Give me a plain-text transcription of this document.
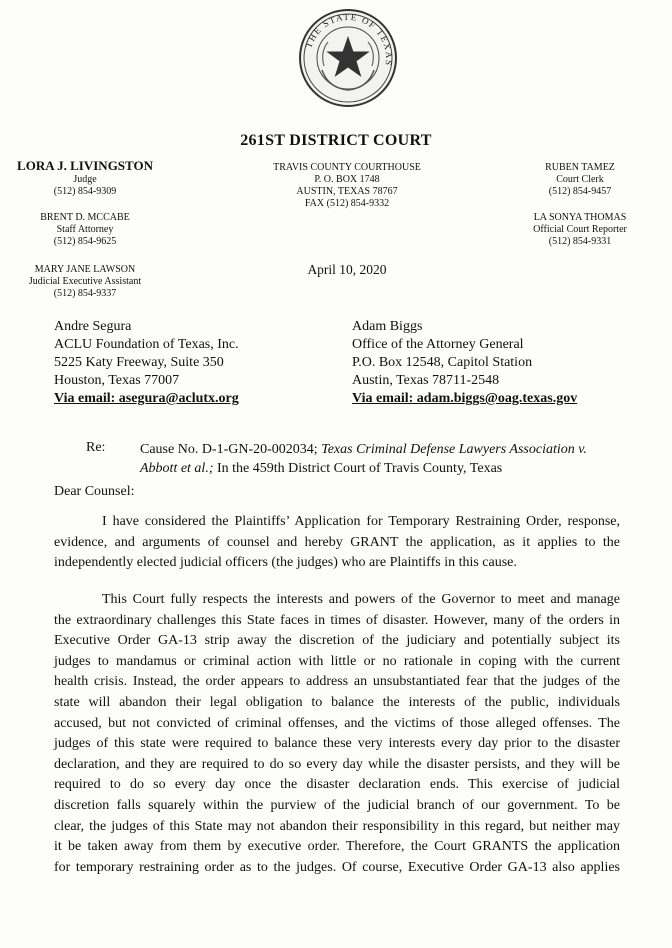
THE STATE OF TEXAS
261ST DISTRICT COURT
LORA J. LIVINGSTON
Judge
(512) 854-9309
BRENT D. MCCABE
Staff Attorney
(512) 854-9625
MARY JANE LAWSON
Judicial Executive Assistant
(512) 854-9337
TRAVIS COUNTY COURTHOUSE
P. O. BOX 1748
AUSTIN, TEXAS 78767
FAX (512) 854-9332
RUBEN TAMEZ
Court Clerk
(512) 854-9457
LA SONYA THOMAS
Official Court Reporter
(512) 854-9331
April 10, 2020
Andre Segura
ACLU Foundation of Texas, Inc.
5225 Katy Freeway, Suite 350
Houston, Texas 77007
Via email: asegura@aclutx.org
Adam Biggs
Office of the Attorney General
P.O. Box 12548, Capitol Station
Austin, Texas 78711-2548
Via email: adam.biggs@oag.texas.gov
Re: Cause No. D-1-GN-20-002034; Texas Criminal Defense Lawyers Association v.
Abbott et al.; In the 459th District Court of Travis County, Texas
Dear Counsel:
I have considered the Plaintiffs’ Application for Temporary Restraining Order, response,
evidence, and arguments of counsel and hereby GRANT the application, as it applies to the
independently elected judicial officers (the judges) who are Plaintiffs in this cause.
This Court fully respects the interests and powers of the Governor to meet and manage
the extraordinary challenges this State faces in times of disaster. However, many of the orders in
Executive Order GA-13 strip away the discretion of the judiciary and potentially subject its
judges to mandamus or criminal action with little or no rationale in coping with the current
health crisis. Instead, the order appears to address an unsubstantiated fear that the judges of the
state will abandon their legal obligation to balance the interests of the public, individuals
accused, but not convicted of criminal offenses, and the victims of those alleged offenses. The
judges of this state were required to balance these very interests every day prior to the disaster
declaration, and they are required to do so every day while the disaster persists, and they will be
required to do so every day once the disaster declaration ends. This exercise of judicial
discretion falls squarely within the purview of the judicial branch of our government. To be
clear, the judges of this State may not abandon their responsibility in this regard, but neither may
it be taken away from them by executive order. Therefore, the Court GRANTS the application
for temporary restraining order as to the judges. Of course, Executive Order GA-13 also applies
